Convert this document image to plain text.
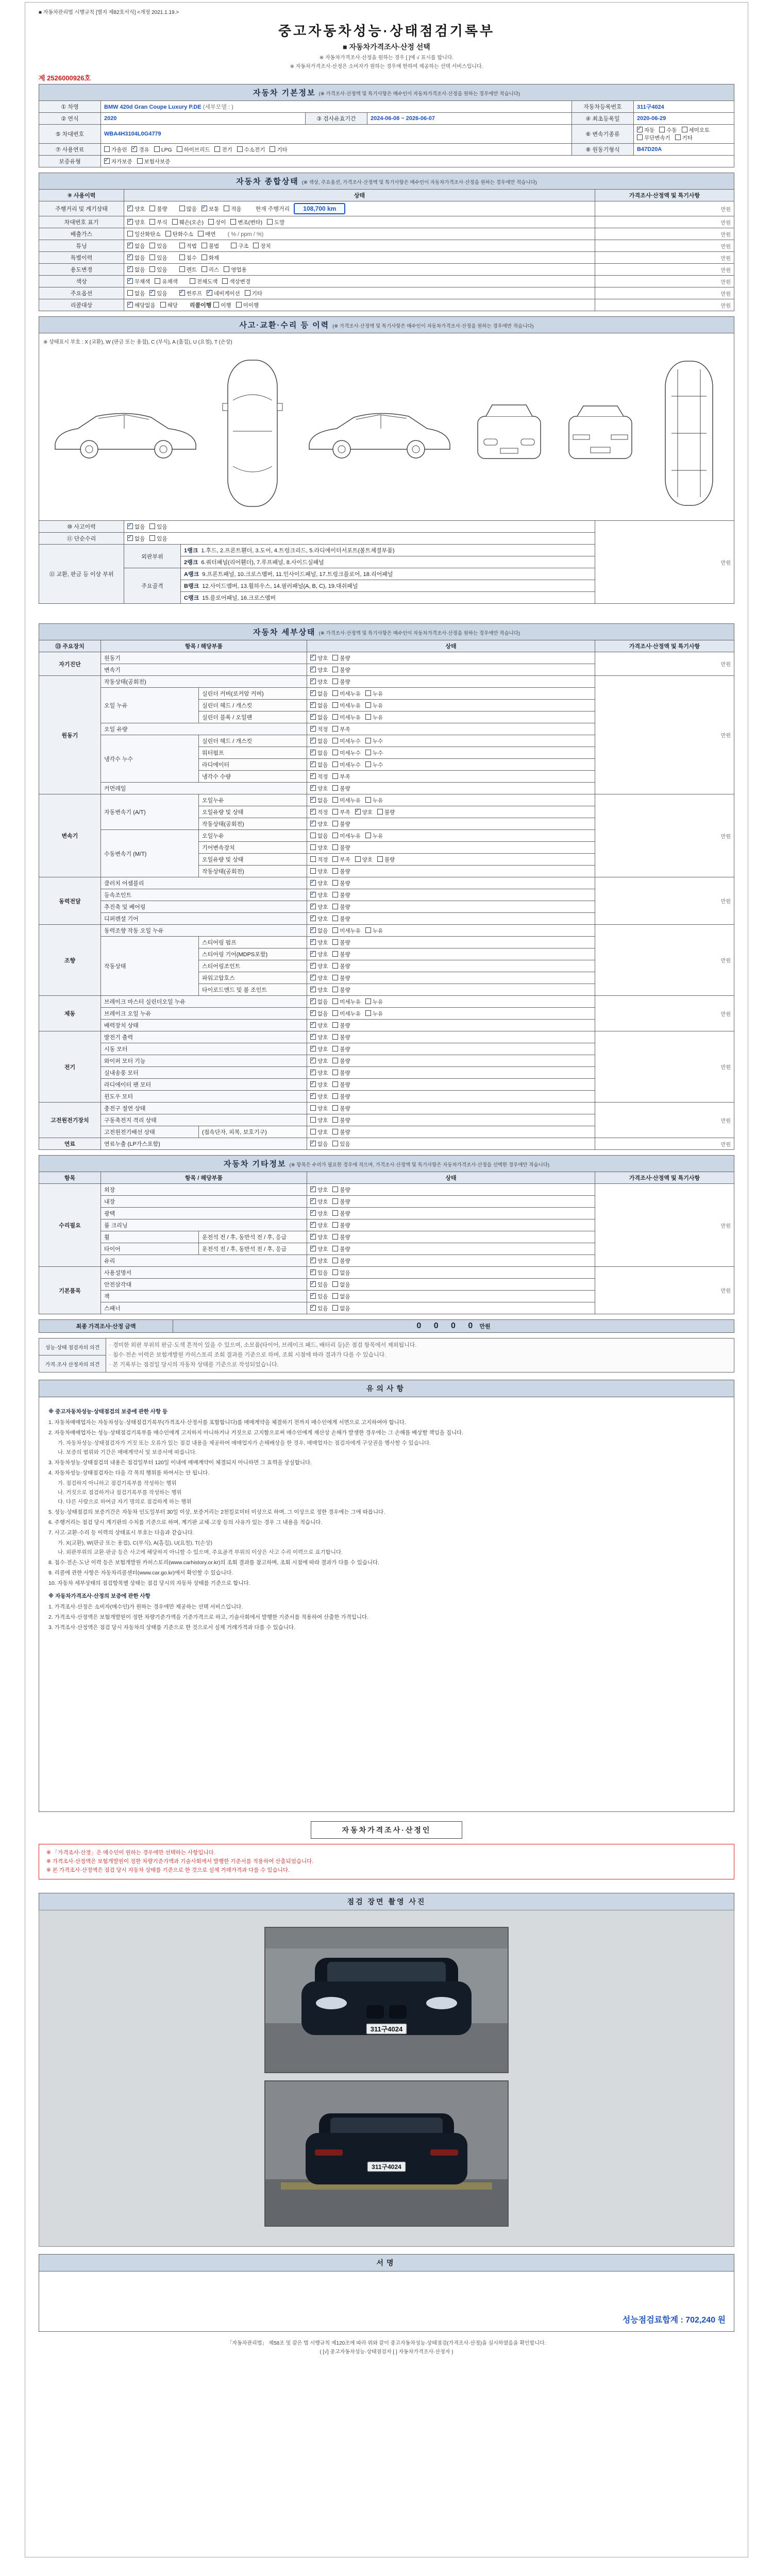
■ 자동차관리법 시행규칙 [별지 제82호서식] <개정 2021.1.19.>
중고자동차성능·상태점검기록부
■ 자동차가격조사·산정 선택
※ 자동차가격조사·산정을 원하는 경우 [ ]에 √ 표시를 합니다.
※ 자동차가격조사·산정은 소비자가 원하는 경우에 한하여 제공하는 선택 서비스입니다.
제 2526000926호
자동차 기본정보 (※ 가격조사·산정액 및 특기사항은 매수인이 자동차가격조사·산정을 원하는 경우에만 적습니다)					
① 차명	BMW 420d Gran Coupe Luxury P.DE (세부모델 : )			자동차등록번호	311구4024
② 연식	2020	③ 검사유효기간	2024-06-08 ~ 2026-06-07	④ 최초등록일	2020-06-29
⑤ 차대번호	WBA4H3104L0G4779			⑥ 변속기종류	✓자동 수동 세미오토무단변속기 기타
⑦ 사용연료	가솔린 ✓ 경유 LPG 하이브리드 전기 수소전기 기타			⑧ 원동기형식	B47D20A
보증유형	✓자가보증 보험사보증
자동차 종합상태 (※ 색상, 주요옵션, 가격조사·산정액 및 특기사항은 매수인이 자동차가격조사·산정을 원하는 경우에만 적습니다)		
⑨ 사용이력	상태	가격조사·산정액 및 특기사항
주행거리 및 계기상태	✓양호 불량 많음 ✓ 보통 적음 현재 주행거리 108,700 km	만원
차대번호 표기	✓양호 부식 훼손(오손) 상이 변조(변타) 도말	만원
배출가스	일산화탄소 탄화수소 매연 ( % / ppm / %)	만원
튜닝	✓없음 있음 적법 불법 구조 장치	만원
특별이력	✓없음 있음 침수 화재	만원
용도변경	✓없음 있음 렌트 리스 영업용	만원
색상	✓무채색 유채색 전체도색 색상변경	만원
주요옵션	없음 ✓ 있음 ✓ 썬루프 ✓ 네비게이션 기타	만원
리콜대상	✓해당없음 해당 리콜이행 이행 미이행	만원
사고·교환·수리 등 이력 (※ 가격조사·산정액 및 특기사항은 매수인이 자동차가격조사·산정을 원하는 경우에만 적습니다)			

※ 상태표시 부호 : X (교환), W (판금 또는 용접), C (부식), A (흠집), U (요철), T (손상)			

⑩ 사고이력	✓없음 있음		만원
⑪ 단순수리	✓없음 있음
⑫ 교환, 판금 등 이상 부위	외판부위	1랭크 1.후드, 2.프론트휀더, 3.도어, 4.트렁크리드, 5.라디에이터서포트(볼트체결부품)	
		2랭크 6.쿼터패널(리어휀더), 7.루프패널, 8.사이드실패널	
	주요골격	A랭크 9.프론트패널, 10.크로스멤버, 11.인사이드패널, 17.트렁크플로어, 18.리어패널	
		B랭크 12.사이드멤버, 13.휠하우스, 14.필러패널(A, B, C), 19.대쉬패널	
		C랭크 15.플로어패널, 16.크로스멤버	
자동차 세부상태 (※ 가격조사·산정액 및 특기사항은 매수인이 자동차가격조사·산정을 원하는 경우에만 적습니다)				
⑬ 주요장치	항목 / 해당부품		상태	가격조사·산정액 및 특기사항
자기진단	원동기	✓양호 불량	만원
	변속기	✓양호 불량
원동기	작동상태(공회전)	✓양호 불량	만원
	오일 누유	실린더 커버(로커암 커버)	✓없음 미세누유 누유
		실린더 헤드 / 개스킷	✓없음 미세누유 누유
		실린더 블록 / 오일팬	✓없음 미세누유 누유
	오일 유량	✓적정 부족
	냉각수 누수	실린더 헤드 / 개스킷	✓없음 미세누수 누수
		워터펌프	✓없음 미세누수 누수
		라디에이터	✓없음 미세누수 누수
		냉각수 수량	✓적정 부족
	커먼레일	✓양호 불량
변속기	자동변속기 (A/T)	오일누유	✓없음 미세누유 누유	만원
		오일유량 및 상태	✓적정 부족 ✓ 양호 불량
		작동상태(공회전)	✓양호 불량
	수동변속기 (M/T)	오일누유	없음 미세누유 누유	
		기어변속장치	양호 불량	
		오일유량 및 상태	적정 부족 양호 불량	
		작동상태(공회전)	양호 불량	
동력전달	클러치 어셈블리	✓양호 불량	만원
	등속조인트	✓양호 불량
	추진축 및 베어링	✓양호 불량
	디퍼렌셜 기어	✓양호 불량
조향	동력조향 작동 오일 누유	✓없음 미세누유 누유	만원
	작동상태	스티어링 펌프	✓양호 불량
		스티어링 기어(MDPS포함)	✓양호 불량
		스티어링조인트	✓양호 불량
		파워고압호스	✓양호 불량
		타이로드엔드 및 볼 조인트	✓양호 불량
제동	브레이크 마스터 실린더오일 누유	✓없음 미세누유 누유	만원
	브레이크 오일 누유	✓없음 미세누유 누유
	배력장치 상태	✓양호 불량
전기	발전기 출력	✓양호 불량	만원
	시동 모터	✓양호 불량
	와이퍼 모터 기능	✓양호 불량
	실내송풍 모터	✓양호 불량
	라디에이터 팬 모터	✓양호 불량
	윈도우 모터	✓양호 불량
고전원전기장치	충전구 절연 상태		양호 불량	만원
	구동축전지 격리 상태		양호 불량	
	고전원전기배선 상태	(접속단자, 피복, 보호기구)	양호 불량	
연료	연료누출 (LP가스포함)	✓없음 있음	만원
자동차 기타정보 (※ 항목은 수리가 필요한 경우에 적으며, 가격조사·산정액 및 특기사항은 자동차가격조사·산정을 선택한 경우에만 적습니다)				
항목	항목 / 해당부품		상태	가격조사·산정액 및 특기사항
수리필요	외장	✓양호 불량	만원
	내장	✓양호 불량
	광택	✓양호 불량
	룸 크리닝	✓양호 불량
	휠	운전석 전 / 후, 동반석 전 / 후, 응급	✓양호 불량
	타이어	운전석 전 / 후, 동반석 전 / 후, 응급	✓양호 불량
	유리	✓양호 불량
기본품목	사용설명서	✓있음 없음	만원
	안전삼각대	✓있음 없음
	잭	✓있음 없음
	스패너	✓있음 없음
최종 가격조사·산정 금액	0 0 0 0 만원
성능·상태 점검자의 의견	· 경미한 외판 부위의 판금·도색 흔적이 있을 수 있으며, 소모품(타이어, 브레이크 패드, 배터리 등)은 점검 항목에서 제외됩니다.
· 침수·전손 이력은 보험개발원 카히스토리 조회 결과를 기준으로 하며, 조회 시점에 따라 결과가 다를 수 있습니다.
· 본 기록부는 점검일 당시의 자동차 상태를 기준으로 작성되었습니다.

가격·조사 산정자의 의견
유의사항
※ 중고자동차성능·상태점검의 보증에 관한 사항 등
1. 자동차매매업자는 자동차성능·상태점검기록부(가격조사·산정서를 포함합니다)를 매매계약을 체결하기 전까지 매수인에게 서면으로 고지하여야 합니다.
2. 자동차매매업자는 성능·상태점검기록부를 매수인에게 고지하지 아니하거나 거짓으로 고지함으로써 매수인에게 재산상 손해가 발생한 경우에는 그 손해를 배상할 책임을 집니다.
가. 자동차성능·상태점검자가 거짓 또는 오류가 있는 점검 내용을 제공하여 매매업자가 손해배상을 한 경우, 매매업자는 점검자에게 구상권을 행사할 수 있습니다.
나. 보증의 범위와 기간은 매매계약서 및 보증서에 따릅니다.
3. 자동차성능·상태점검의 내용은 점검일부터 120일 이내에 매매계약이 체결되지 아니하면 그 효력을 상실합니다.
4. 자동차성능·상태점검자는 다음 각 목의 행위를 하여서는 안 됩니다.
가. 점검하지 아니하고 점검기록부를 작성하는 행위
나. 거짓으로 점검하거나 점검기록부를 작성하는 행위
다. 다른 사람으로 하여금 자기 명의로 점검하게 하는 행위
5. 성능·상태점검의 보증기간은 자동차 인도일부터 30일 이상, 보증거리는 2천킬로미터 이상으로 하며, 그 이상으로 정한 경우에는 그에 따릅니다.
6. 주행거리는 점검 당시 계기판의 수치를 기준으로 하며, 계기판 교체·고장 등의 사유가 있는 경우 그 내용을 적습니다.
7. 사고·교환·수리 등 이력의 상태표시 부호는 다음과 같습니다.
가. X(교환), W(판금 또는 용접), C(부식), A(흠집), U(요철), T(손상)
나. 외판부위의 교환·판금 등은 사고에 해당하지 아니할 수 있으며, 주요골격 부위의 이상은 사고 수리 이력으로 표기합니다.
8. 침수·전손·도난 이력 등은 보험개발원 카히스토리(www.carhistory.or.kr)의 조회 결과를 참고하며, 조회 시점에 따라 결과가 다를 수 있습니다.
9. 리콜에 관한 사항은 자동차리콜센터(www.car.go.kr)에서 확인할 수 있습니다.
10. 자동차 세부상태의 점검항목별 상태는 점검 당시의 자동차 상태를 기준으로 합니다.
※ 자동차가격조사·산정의 보증에 관한 사항
1. 가격조사·산정은 소비자(매수인)가 원하는 경우에만 제공하는 선택 서비스입니다.
2. 가격조사·산정액은 보험개발원이 정한 차량기준가액을 기준가격으로 하고, 기술사회에서 발행한 기준서를 적용하여 산출한 가격입니다.
3. 가격조사·산정액은 점검 당시 자동차의 상태를 기준으로 한 것으로서 실제 거래가격과 다를 수 있습니다.
자동차가격조사·산정인
※ 「가격조사·산정」은 매수인이 원하는 경우에만 선택하는 사항입니다.
※ 가격조사·산정액은 보험개발원이 정한 차량기준가액과 기술사회에서 발행한 기준서를 적용하여 산출되었습니다.
※ 본 가격조사·산정액은 점검 당시 자동차 상태를 기준으로 한 것으로 실제 거래가격과 다를 수 있습니다.
점검 장면 촬영 사진
311구4024
311구4024
서명
성능점검료합계 : 702,240 원
「자동차관리법」 제58조 및 같은 법 시행규칙 제120조에 따라 위와 같이 중고자동차성능·상태점검(가격조사·산정)을 실시하였음을 확인합니다.
( [√] 중고자동차성능·상태점검자 [ ] 자동차가격조사·산정자 )
